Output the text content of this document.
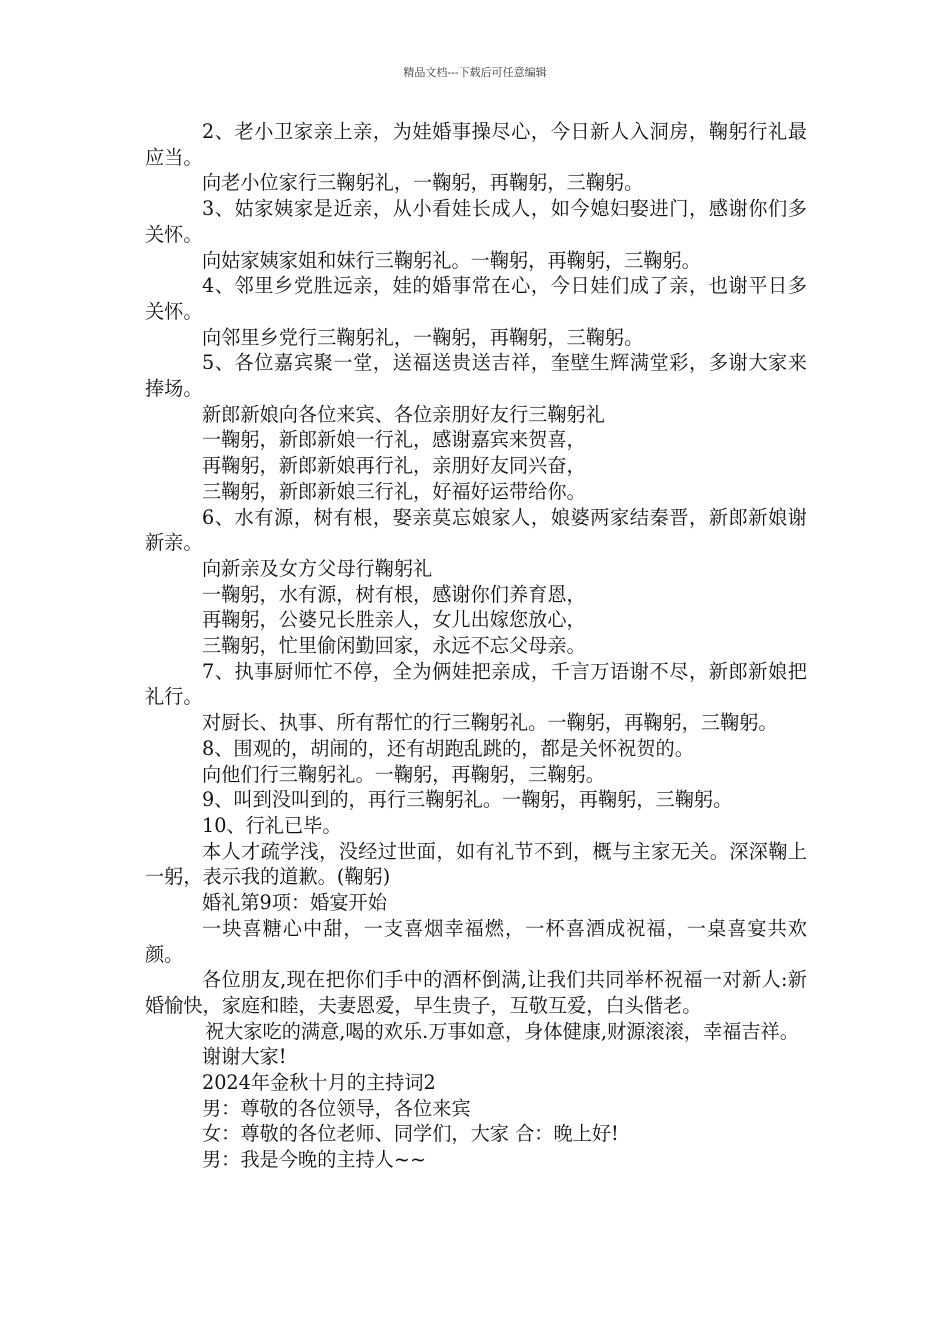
精品文档---下载后可任意编辑

2、老小卫家亲上亲，为娃婚事操尽心，今日新人入洞房，鞠躬行礼最应当。

向老小位家行三鞠躬礼，一鞠躬，再鞠躬，三鞠躬。

3、姑家姨家是近亲，从小看娃长成人，如今媳妇娶进门，感谢你们多关怀。

向姑家姨家姐和妹行三鞠躬礼。一鞠躬，再鞠躬，三鞠躬。

4、邻里乡党胜远亲，娃的婚事常在心，今日娃们成了亲，也谢平日多关怀。

向邻里乡党行三鞠躬礼，一鞠躬，再鞠躬，三鞠躬。

5、各位嘉宾聚一堂，送福送贵送吉祥，奎壁生辉满堂彩，多谢大家来捧场。

新郎新娘向各位来宾、各位亲朋好友行三鞠躬礼

一鞠躬，新郎新娘一行礼，感谢嘉宾来贺喜，

再鞠躬，新郎新娘再行礼，亲朋好友同兴奋，

三鞠躬，新郎新娘三行礼，好福好运带给你。

6、水有源，树有根，娶亲莫忘娘家人，娘婆两家结秦晋，新郎新娘谢新亲。

向新亲及女方父母行鞠躬礼

一鞠躬，水有源，树有根，感谢你们养育恩，

再鞠躬，公婆兄长胜亲人，女儿出嫁您放心，

三鞠躬，忙里偷闲勤回家，永远不忘父母亲。

7、执事厨师忙不停，全为俩娃把亲成，千言万语谢不尽，新郎新娘把礼行。

对厨长、执事、所有帮忙的行三鞠躬礼。一鞠躬，再鞠躬，三鞠躬。

8、围观的，胡闹的，还有胡跑乱跳的，都是关怀祝贺的。

向他们行三鞠躬礼。一鞠躬，再鞠躬，三鞠躬。

9、叫到没叫到的，再行三鞠躬礼。一鞠躬，再鞠躬，三鞠躬。

10、行礼已毕。

本人才疏学浅，没经过世面，如有礼节不到，概与主家无关。深深鞠上一躬，表示我的道歉。(鞠躬)

婚礼第9项：婚宴开始

一块喜糖心中甜，一支喜烟幸福燃，一杯喜酒成祝福，一桌喜宴共欢颜。

各位朋友,现在把你们手中的酒杯倒满,让我们共同举杯祝福一对新人:新婚愉快，家庭和睦，夫妻恩爱，早生贵子，互敬互爱，白头偕老。

祝大家吃的满意,喝的欢乐.万事如意，身体健康,财源滚滚，幸福吉祥。

谢谢大家!

2024年金秋十月的主持词2

男：尊敬的各位领导，各位来宾

女：尊敬的各位老师、同学们，大家 合：晚上好!

男：我是今晚的主持人~~
